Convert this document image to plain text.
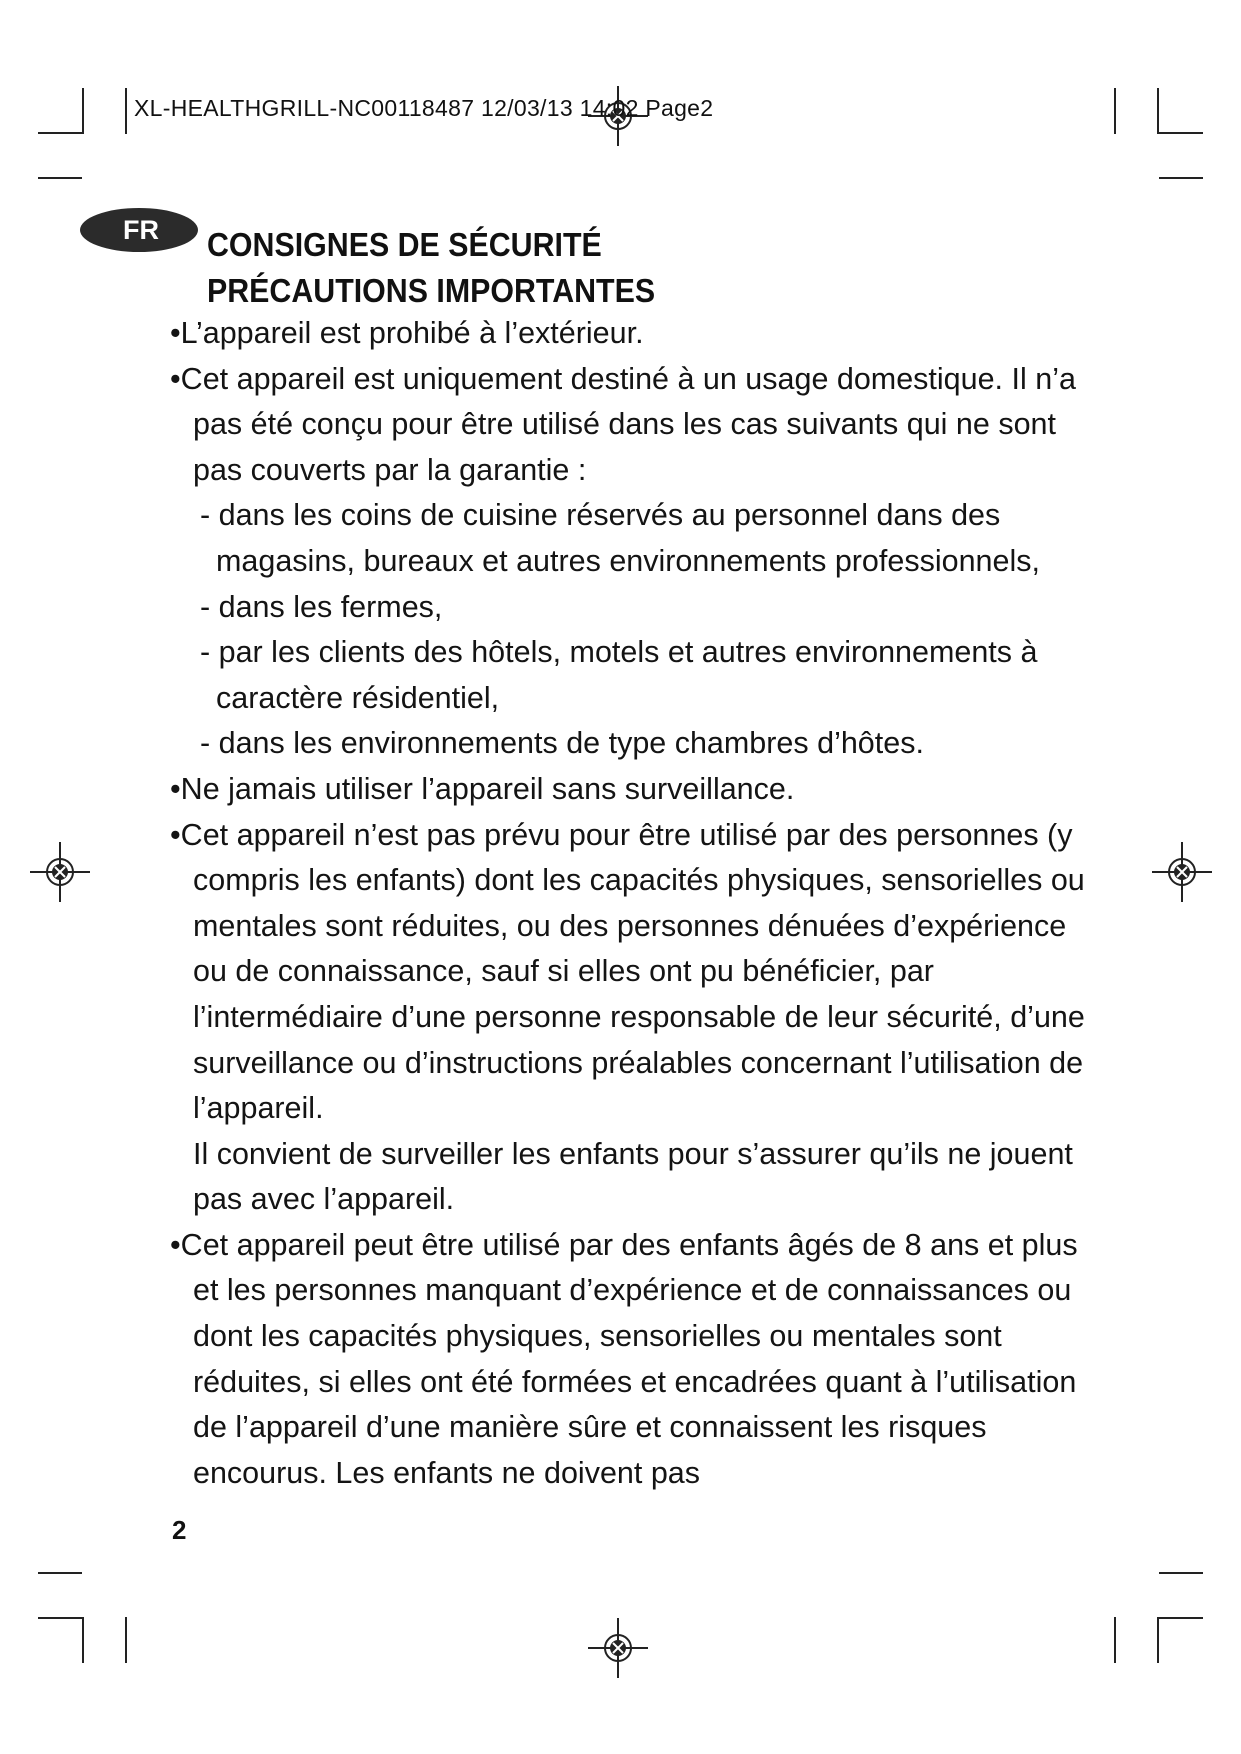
XL-HEALTHGRILL-NC00118487 12/03/13 14:02 Page2
FR	CONSIGNES DE SÉCURITÉ
PRÉCAUTIONS IMPORTANTES

•L’appareil est prohibé à l’extérieur.

•Cet appareil est uniquement destiné à un usage domestique. Il n’a pas été conçu pour être utilisé dans les cas suivants qui ne sont pas couverts par la garantie :

- dans les coins de cuisine réservés au personnel dans des magasins, bureaux et autres environnements professionnels,

- dans les fermes,

- par les clients des hôtels, motels et autres environnements à caractère résidentiel,

- dans les environnements de type chambres d’hôtes.

•Ne jamais utiliser l’appareil sans surveillance.

•Cet appareil n’est pas prévu pour être utilisé par des personnes (y compris les enfants) dont les capacités physiques, sensorielles ou mentales sont réduites, ou des personnes dénuées d’expérience ou de connaissance, sauf si elles ont pu bénéficier, par l’intermédiaire d’une personne responsable de leur sécurité, d’une surveillance ou d’instructions préalables concernant l’utilisation de l’appareil.

Il convient de surveiller les enfants pour s’assurer qu’ils ne jouent pas avec l’appareil.

•Cet appareil peut être utilisé par des enfants âgés de 8 ans et plus et les personnes manquant d’expérience et de connaissances ou dont les capacités physiques, sensorielles ou mentales sont réduites, si elles ont été formées et encadrées quant à l’utilisation de l’appareil d’une manière sûre et connaissent les risques encourus. Les enfants ne doivent pas

2
